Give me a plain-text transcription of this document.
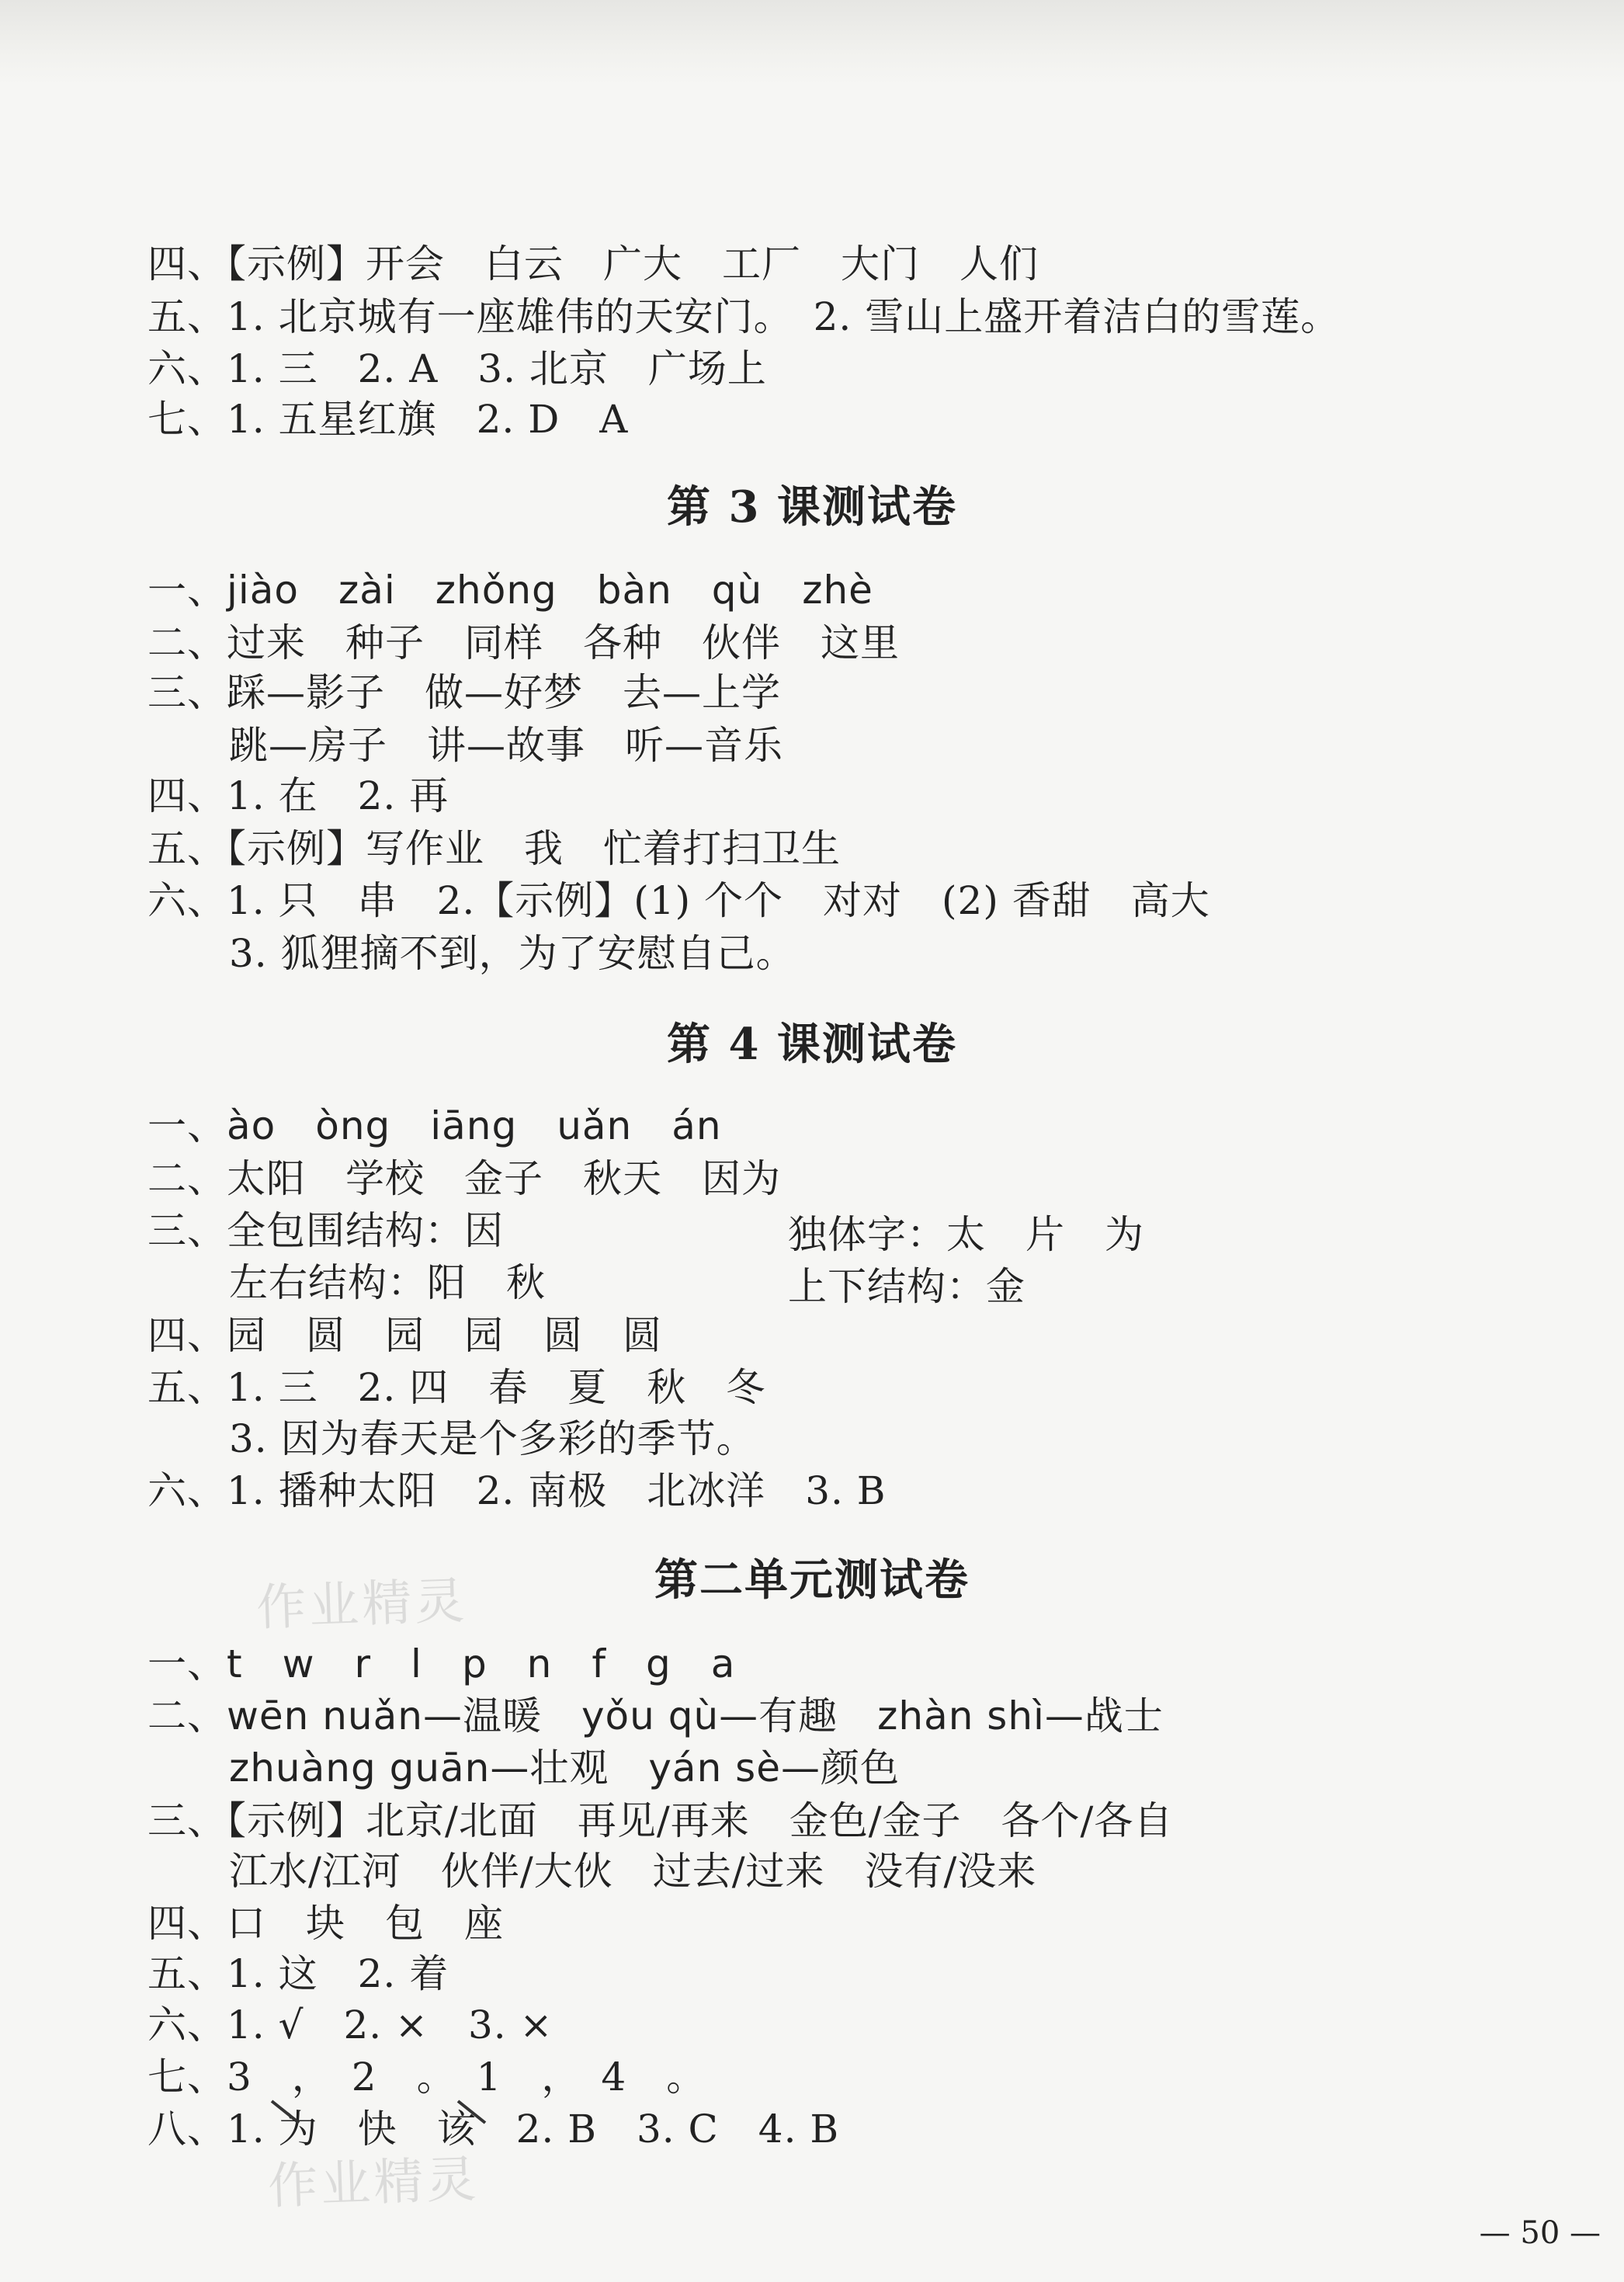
四、【示例】开会　白云　广大　工厂　大门　人们
五、1. 北京城有一座雄伟的天安门。　2. 雪山上盛开着洁白的雪莲。
六、1. 三　2. A　3. 北京　广场上
七、1. 五星红旗　2. D　A
第 3 课测试卷
一、jiào　zài　zhǒng　bàn　qù　zhè
二、过来　种子　同样　各种　伙伴　这里
三、踩—影子　做—好梦　去—上学
跳—房子　讲—故事　听—音乐
四、1. 在　2. 再
五、【示例】写作业　我　忙着打扫卫生
六、1. 只　串　2.【示例】(1) 个个　对对　(2) 香甜　高大
3. 狐狸摘不到，为了安慰自己。
第 4 课测试卷
一、ào　òng　iāng　uǎn　án
二、太阳　学校　金子　秋天　因为
三、全包围结构：因	独体字：太　片　为
左右结构：阳　秋	上下结构：金
四、园　圆　园　园　圆　圆
五、1. 三　2. 四　春　夏　秋　冬
3. 因为春天是个多彩的季节。
六、1. 播种太阳　2. 南极　北冰洋　3. B
第二单元测试卷
一、t　w　r　l　p　n　f　g　a
二、wēn nuǎn—温暖　yǒu qù—有趣　zhàn shì—战士
zhuàng guān—壮观　yán sè—颜色
三、【示例】北京/北面　再见/再来　金色/金子　各个/各自
江水/江河　伙伴/大伙　过去/过来　没有/没来
四、口　块　包　座
五、1. 这　2. 着
六、1. √　2. ×　3. ×
七、3　，　2　。　1　，　4　。
八、1. 为　快　该　2. B　3. C　4. B
作业精灵
作业精灵
— 50 —
